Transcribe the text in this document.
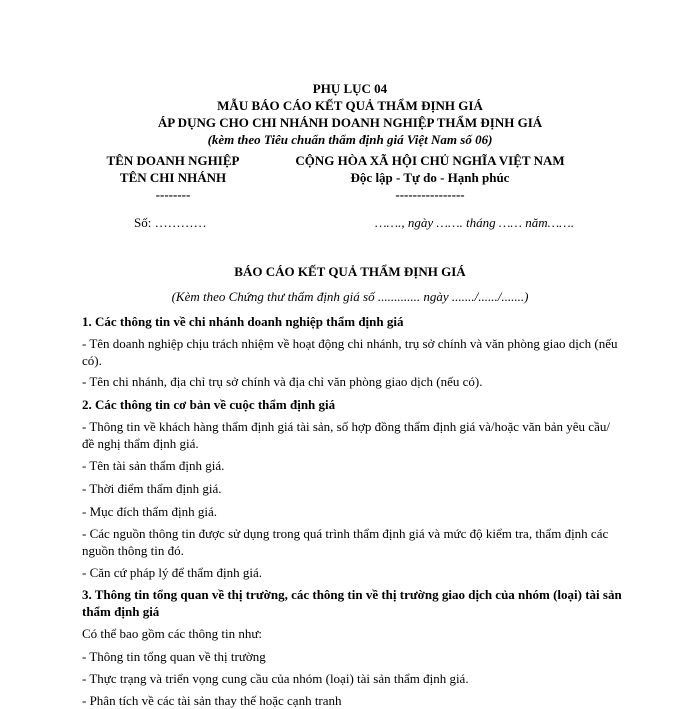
PHỤ LỤC 04
MẪU BÁO CÁO KẾT QUẢ THẨM ĐỊNH GIÁ
ÁP DỤNG CHO CHI NHÁNH DOANH NGHIỆP THẨM ĐỊNH GIÁ
(kèm theo Tiêu chuẩn thẩm định giá Việt Nam số 06)
TÊN DOANH NGHIỆP
TÊN CHI NHÁNH
--------
CỘNG HÒA XÃ HỘI CHỦ NGHĨA VIỆT NAM
Độc lập - Tự do - Hạnh phúc
----------------
Số: …………	……., ngày ……. tháng …… năm…….
BÁO CÁO KẾT QUẢ THẨM ĐỊNH GIÁ
(Kèm theo Chứng thư thẩm định giá số ............. ngày ......./....../.......)
1. Các thông tin về chi nhánh doanh nghiệp thẩm định giá
- Tên doanh nghiệp chịu trách nhiệm về hoạt động chi nhánh, trụ sở chính và văn phòng giao dịch (nếu có).
- Tên chi nhánh, địa chỉ trụ sở chính và địa chỉ văn phòng giao dịch (nếu có).
2. Các thông tin cơ bản về cuộc thẩm định giá
- Thông tin về khách hàng thẩm định giá tài sản, số hợp đồng thẩm định giá và/hoặc văn bản yêu cầu/đề nghị thẩm định giá.
- Tên tài sản thẩm định giá.
- Thời điểm thẩm định giá.
- Mục đích thẩm định giá.
- Các nguồn thông tin được sử dụng trong quá trình thẩm định giá và mức độ kiểm tra, thẩm định các nguồn thông tin đó.
- Căn cứ pháp lý để thẩm định giá.
3. Thông tin tổng quan về thị trường, các thông tin về thị trường giao dịch của nhóm (loại) tài sản thẩm định giá
Có thể bao gồm các thông tin như:
- Thông tin tổng quan về thị trường
- Thực trạng và triển vọng cung cầu của nhóm (loại) tài sản thẩm định giá.
- Phân tích về các tài sản thay thế hoặc cạnh tranh
